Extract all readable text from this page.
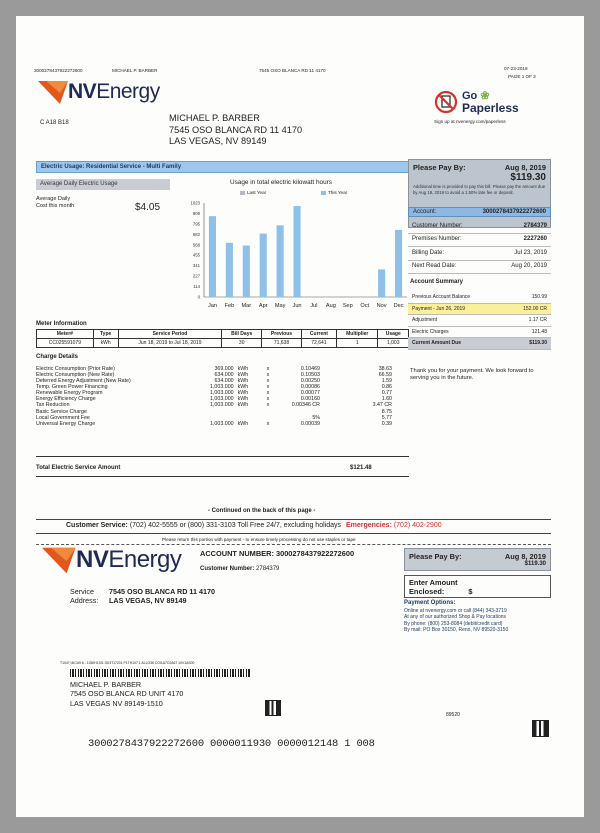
3000278437922272600	MICHAEL P. BARBER	7545 OSO BLANCA RD 11 4170	07-23-2019
PAGE 1 OF 3
NVEnergy
C A18 B18	MICHAEL P. BARBER
7545 OSO BLANCA RD 11 4170
LAS VEGAS, NV 89149
Go ❀
Paperless
Sign up at nvenergy.com/paperless
Electric Usage: Residential Service - Multi Family
Average Daily Electric Usage
Average Daily
Cost this month	$4.05
Usage in total electric kilowatt hours
Last Year	This Year
1023
909
795
682
568
455
341
227
114
0
Jan Feb Mar Apr May Jun Jul Aug Sep Oct Nov Dec
Meter Information
Meter#	Type	Service Period	Bill Days	Previous	Current	Multiplier	Usage
CC025591079	kWh	Jun 18, 2019 to Jul 18, 2019	30	71,638	72,641	1	1,003
Charge Details
Electric Consumption (Prior Rate)	369.000	kWh	x	0.10469	38.63
Electric Consumption (New Rate)	634.000	kWh	x	0.10503	66.59
Deferred Energy Adjustment (New Rate)	634.000	kWh	x	0.00250	1.59
Temp. Green Power Financing	1,003.000	kWh	x	0.00086	0.86
Renewable Energy Program	1,003.000	kWh	x	0.00077	0.77
Energy Efficiency Charge	1,003.000	kWh	x	0.00160	1.60
Tax Reduction	1,003.000	kWh	x	0.00346 CR	3.47 CR
Basic Service Charge					8.75
Local Government Fee				5%	5.77
Universal Energy Charge	1,003.000	kWh	x	0.00039	0.39
Total Electric Service Amount	$121.48
Please Pay By:	Aug 8, 2019
$119.30
Additional time is provided to pay this bill. Please pay the amount due by Aug 18, 2019 to avoid a 1.50% late fee or deposit.
Account:	3000278437922272600
Customer Number:	2784379
Premises Number:	2227260
Billing Date:	Jul 23, 2019
Next Read Date:	Aug 20, 2019
Account Summary
Previous Account Balance	150.99
Payment - Jun 26, 2019	152.00 CR
Adjustment	1.17 CR
Electric Charges	121.48
Current Amount Due	$119.30
Thank you for your payment. We look forward to serving you in the future.
- Continued on the back of this page -
Customer Service: (702) 402-5555 or (800) 331-3103 Toll Free 24/7, excluding holidays Emergencies: (702) 402-2900
Please return this portion with payment - to ensure timely processing do not use staples or tape
NVEnergy	ACCOUNT NUMBER: 3000278437922272600
Customer Number: 2784379
Service
Address:
7545 OSO BLANCA RD 11 4170
LAS VEGAS, NV 89149
Please Pay By:	Aug 8, 2019
$119.30
Enter Amount
Enclosed:	$
Payment Options:
Online at nvenergy.com or call (844) 343-3719
At any of our authorized Shop & Pay locations
By phone: (800) 253-8084 (debit/credit card)
By mail: PO Box 30150, Reno, NV 89520-3150
T1047 I4ICA9 6 - 1I3I0H1SI1 GII3T17201 P1TH107 1 ALLO36 COI1A7C0A67 10V1AS00
MICHAEL P. BARBER
7545 OSO BLANCA RD UNIT 4170
LAS VEGAS NV 89149-1510
89520
3000278437922272600 0000011930 0000012148 1 008
